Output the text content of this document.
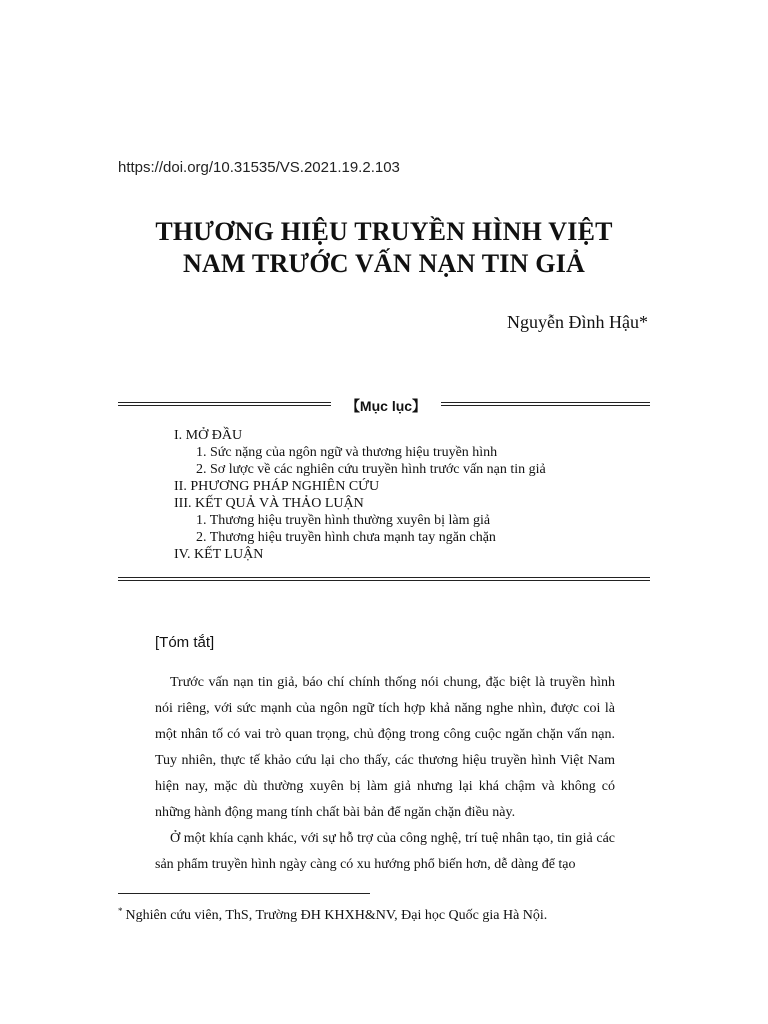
https://doi.org/10.31535/VS.2021.19.2.103
THƯƠNG HIỆU TRUYỀN HÌNH VIỆT
NAM TRƯỚC VẤN NẠN TIN GIẢ
Nguyễn Đình Hậu*
【Mục lục】
I. MỞ ĐẦU
1. Sức nặng của ngôn ngữ và thương hiệu truyền hình
2. Sơ lược về các nghiên cứu truyền hình trước vấn nạn tin giả
II. PHƯƠNG PHÁP NGHIÊN CỨU
III. KẾT QUẢ VÀ THẢO LUẬN
1. Thương hiệu truyền hình thường xuyên bị làm giả
2. Thương hiệu truyền hình chưa mạnh tay ngăn chặn
IV. KẾT LUẬN
[Tóm tắt]

Trước vấn nạn tin giả, báo chí chính thống nói chung, đặc biệt là truyền hình nói riêng, với sức mạnh của ngôn ngữ tích hợp khả năng nghe nhìn, được coi là một nhân tố có vai trò quan trọng, chủ động trong công cuộc ngăn chặn vấn nạn. Tuy nhiên, thực tế khảo cứu lại cho thấy, các thương hiệu truyền hình Việt Nam hiện nay, mặc dù thường xuyên bị làm giả nhưng lại khá chậm và không có những hành động mang tính chất bài bản để ngăn chặn điều này.

Ở một khía cạnh khác, với sự hỗ trợ của công nghệ, trí tuệ nhân tạo, tin giả các sản phẩm truyền hình ngày càng có xu hướng phổ biến hơn, dễ dàng để tạo

* Nghiên cứu viên, ThS, Trường ĐH KHXH&NV, Đại học Quốc gia Hà Nội.
